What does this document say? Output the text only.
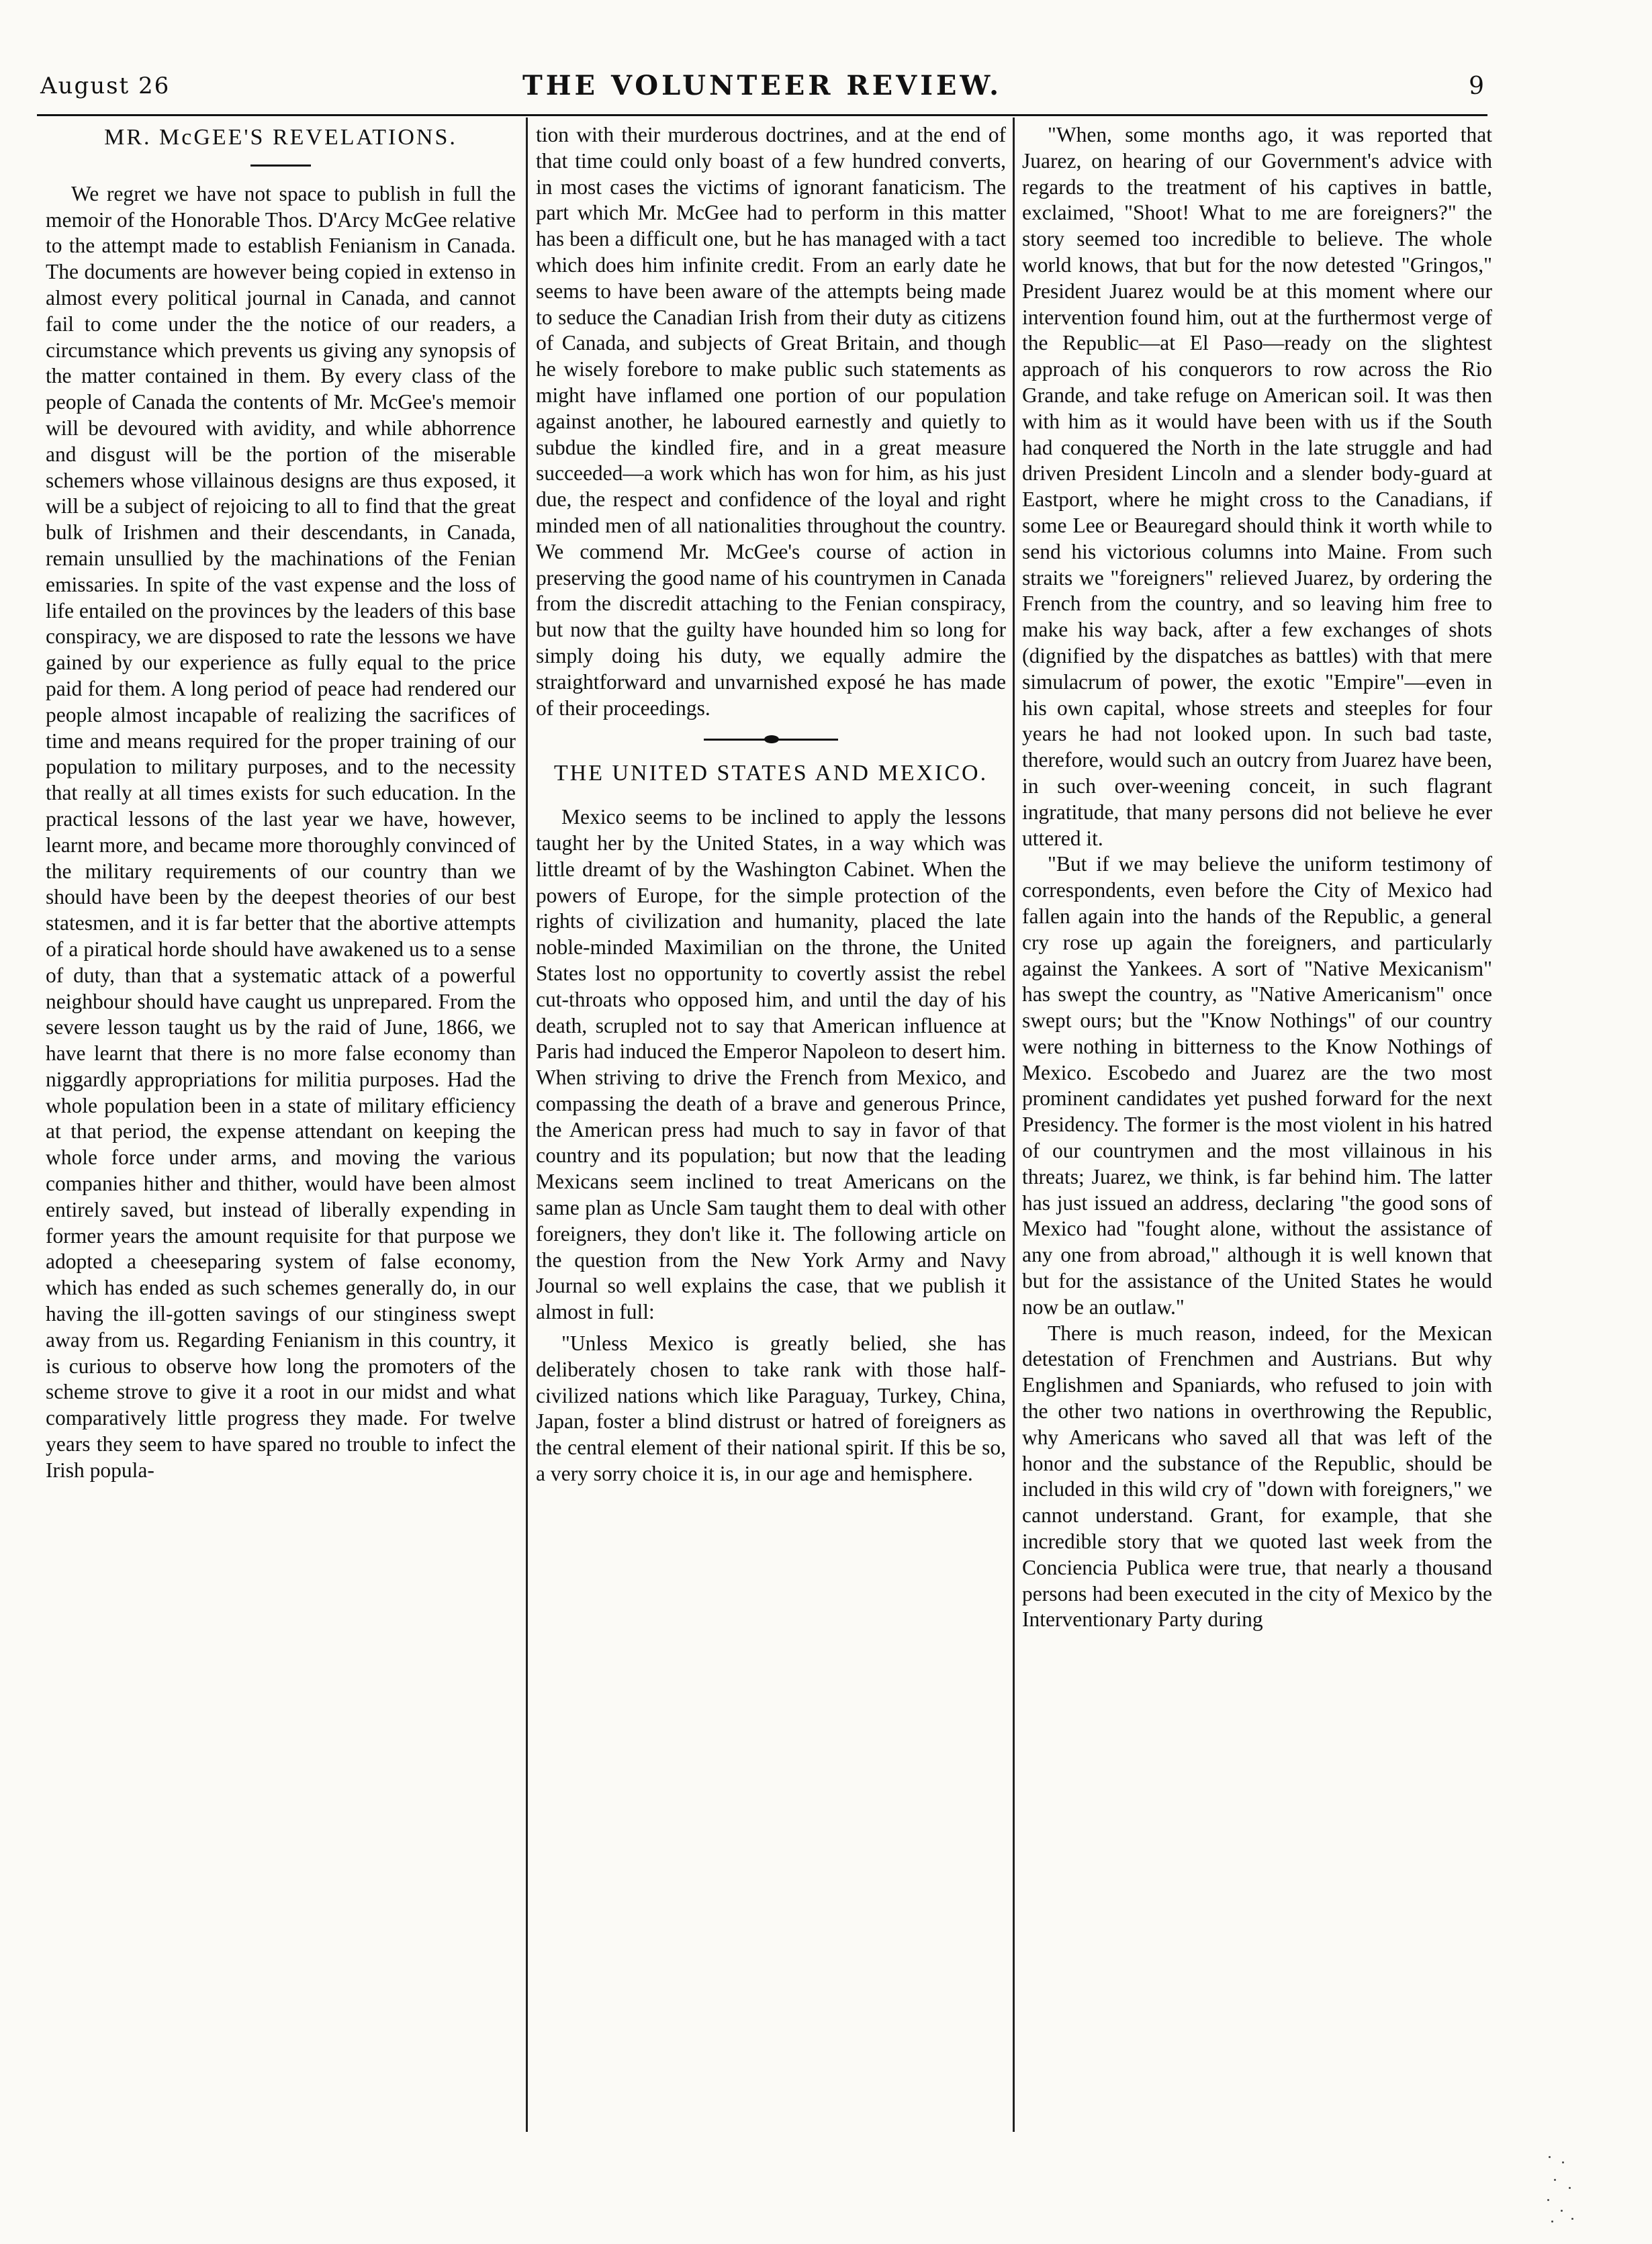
August 26	THE VOLUNTEER REVIEW.	9
MR. McGEE'S REVELATIONS.

We regret we have not space to publish in full the memoir of the Honorable Thos. D'Arcy McGee relative to the attempt made to establish Fenianism in Canada. The documents are however being copied in extenso in almost every political journal in Canada, and cannot fail to come under the the notice of our readers, a circumstance which prevents us giving any synopsis of the matter contained in them. By every class of the people of Canada the contents of Mr. McGee's memoir will be devoured with avidity, and while abhorrence and disgust will be the portion of the miserable schemers whose villainous designs are thus exposed, it will be a subject of rejoicing to all to find that the great bulk of Irishmen and their descendants, in Canada, remain unsullied by the machinations of the Fenian emissaries. In spite of the vast expense and the loss of life entailed on the provinces by the leaders of this base conspiracy, we are disposed to rate the lessons we have gained by our experience as fully equal to the price paid for them. A long period of peace had rendered our people almost incapable of realizing the sacrifices of time and means required for the proper training of our population to military purposes, and to the necessity that really at all times exists for such education. In the practical lessons of the last year we have, however, learnt more, and became more thoroughly convinced of the military requirements of our country than we should have been by the deepest theories of our best statesmen, and it is far better that the abortive attempts of a piratical horde should have awakened us to a sense of duty, than that a systematic attack of a powerful neighbour should have caught us unprepared. From the severe lesson taught us by the raid of June, 1866, we have learnt that there is no more false economy than niggardly appropriations for militia purposes. Had the whole population been in a state of military efficiency at that period, the expense attendant on keeping the whole force under arms, and moving the various companies hither and thither, would have been almost entirely saved, but instead of liberally expending in former years the amount requisite for that purpose we adopted a cheeseparing system of false economy, which has ended as such schemes generally do, in our having the ill-gotten savings of our stinginess swept away from us. Regarding Fenianism in this country, it is curious to observe how long the promoters of the scheme strove to give it a root in our midst and what comparatively little progress they made. For twelve years they seem to have spared no trouble to infect the Irish popula-

tion with their murderous doctrines, and at the end of that time could only boast of a few hundred converts, in most cases the victims of ignorant fanaticism. The part which Mr. McGee had to perform in this matter has been a difficult one, but he has managed with a tact which does him infinite credit. From an early date he seems to have been aware of the attempts being made to seduce the Canadian Irish from their duty as citizens of Canada, and subjects of Great Britain, and though he wisely forebore to make public such statements as might have inflamed one portion of our population against another, he laboured earnestly and quietly to subdue the kindled fire, and in a great measure succeeded—a work which has won for him, as his just due, the respect and confidence of the loyal and right minded men of all nationalities throughout the country. We commend Mr. McGee's course of action in preserving the good name of his countrymen in Canada from the discredit attaching to the Fenian conspiracy, but now that the guilty have hounded him so long for simply doing his duty, we equally admire the straightforward and unvarnished exposé he has made of their proceedings.

THE UNITED STATES AND MEXICO.

Mexico seems to be inclined to apply the lessons taught her by the United States, in a way which was little dreamt of by the Washington Cabinet. When the powers of Europe, for the simple protection of the rights of civilization and humanity, placed the late noble-minded Maximilian on the throne, the United States lost no opportunity to covertly assist the rebel cut-throats who opposed him, and until the day of his death, scrupled not to say that American influence at Paris had induced the Emperor Napoleon to desert him. When striving to drive the French from Mexico, and compassing the death of a brave and generous Prince, the American press had much to say in favor of that country and its population; but now that the leading Mexicans seem inclined to treat Americans on the same plan as Uncle Sam taught them to deal with other foreigners, they don't like it. The following article on the question from the New York Army and Navy Journal so well explains the case, that we publish it almost in full:

"Unless Mexico is greatly belied, she has deliberately chosen to take rank with those half-civilized nations which like Paraguay, Turkey, China, Japan, foster a blind distrust or hatred of foreigners as the central element of their national spirit. If this be so, a very sorry choice it is, in our age and hemisphere.

"When, some months ago, it was reported that Juarez, on hearing of our Government's advice with regards to the treatment of his captives in battle, exclaimed, "Shoot! What to me are foreigners?" the story seemed too incredible to believe. The whole world knows, that but for the now detested "Gringos," President Juarez would be at this moment where our intervention found him, out at the furthermost verge of the Republic—at El Paso—ready on the slightest approach of his conquerors to row across the Rio Grande, and take refuge on American soil. It was then with him as it would have been with us if the South had conquered the North in the late struggle and had driven President Lincoln and a slender body-guard at Eastport, where he might cross to the Canadians, if some Lee or Beauregard should think it worth while to send his victorious columns into Maine. From such straits we "foreigners" relieved Juarez, by ordering the French from the country, and so leaving him free to make his way back, after a few exchanges of shots (dignified by the dispatches as battles) with that mere simulacrum of power, the exotic "Empire"—even in his own capital, whose streets and steeples for four years he had not looked upon. In such bad taste, therefore, would such an outcry from Juarez have been, in such over-weening conceit, in such flagrant ingratitude, that many persons did not believe he ever uttered it.

"But if we may believe the uniform testimony of correspondents, even before the City of Mexico had fallen again into the hands of the Republic, a general cry rose up again the foreigners, and particularly against the Yankees. A sort of "Native Mexicanism" has swept the country, as "Native Americanism" once swept ours; but the "Know Nothings" of our country were nothing in bitterness to the Know Nothings of Mexico. Escobedo and Juarez are the two most prominent candidates yet pushed forward for the next Presidency. The former is the most violent in his hatred of our countrymen and the most villainous in his threats; Juarez, we think, is far behind him. The latter has just issued an address, declaring "the good sons of Mexico had "fought alone, without the assistance of any one from abroad," although it is well known that but for the assistance of the United States he would now be an outlaw."

There is much reason, indeed, for the Mexican detestation of Frenchmen and Austrians. But why Englishmen and Spaniards, who refused to join with the other two nations in overthrowing the Republic, why Americans who saved all that was left of the honor and the substance of the Republic, should be included in this wild cry of "down with foreigners," we cannot understand. Grant, for example, that she incredible story that we quoted last week from the Conciencia Publica were true, that nearly a thousand persons had been executed in the city of Mexico by the Interventionary Party during
